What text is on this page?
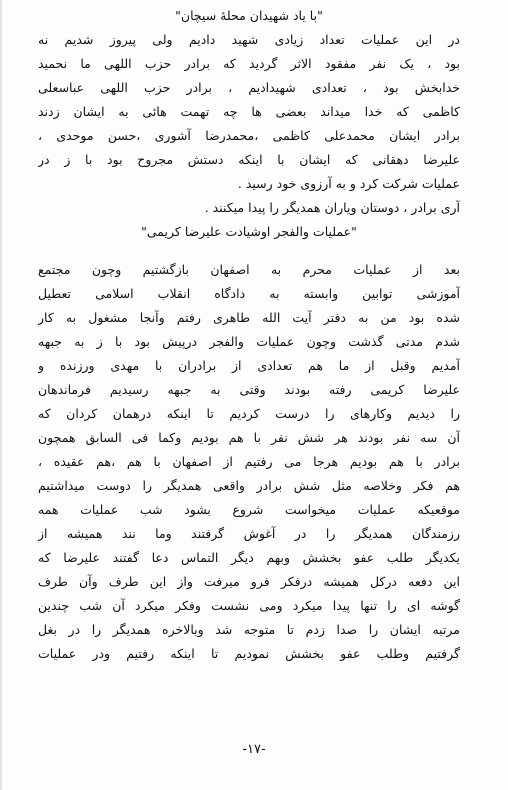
"با یاد شهیدان محلهٔ سیچان"
در این عملیات تعداد زیادی شهید دادیم ولی پیروز شدیم نه
بود ، یک نفر مفقود الاثر گردید که برادر حزب اللهی ما نحمید
خدابخش بود ، تعدادی شهیدادیم ، برادر حزب اللهی عباسعلی
کاظمی که خدا میداند بعضی ها چه تهمت هائی به ایشان زدند
برادر ایشان محمدعلی کاظمی ،محمدرضا آشوری ،حسن موحدی ،
علیرضا دهقانی که ایشان با اینکه دستش مجروح بود با ز در
عملیات شرکت کرد و به آرزوی خود رسید .
آری برادر ، دوستان ویاران همدیگر را پیدا میکنند .
"عملیات والفجر اوشیادت علیرضا کریمی"
بعد از عملیات محرم به اصفهان بازگشتیم وچون مجتمع
آموزشی توابین وابسته به دادگاه انقلاب اسلامی تعطیل
شده بود من به دفتر آیت الله طاهری رفتم وآنجا مشغول به کار
شدم مدتی گذشت وچون عملیات والفجر درپیش بود با ز به جبهه
آمدیم وقبل از ما هم تعدادی از برادران با مهدی ورزنده و
علیرضا کریمی رفته بودند وقتی به جبهه رسیدیم فرماندهان
را دیدیم وکارهای را درست کردیم تا اینکه درهمان کردان که
آن سه نفر بودند هر شش نفر با هم بودیم وکما فی السابق همچون
برادر با هم بودیم هرجا می رفتیم از اصفهان با هم ،هم عقیده ،
هم فکر وخلاصه مثل شش برادر واقعی همدیگر را دوست میداشتیم
موقعیکه عملیات میخواست شروع بشود شب عملیات همه
رزمندگان همدیگر را در آغوش گرفتند وما نند همیشه از
یکدیگر طلب عفو بخشش وبهم دیگر التماس دعا گفتند علیرضا که
این دفعه درکل همیشه درفکر فرو میرفت واز این طرف وآن طرف
گوشه ای را تنها پیدا میکرد ومی نشست وفکر میکرد آن شب چندین
مرتبه ایشان را صدا زدم تا متوجه شد وبالاخره همدیگر را در بغل
گرفتیم وطلب عفو بخشش نمودیم تا اینکه رفتیم ودر عملیات
-۱۷-
